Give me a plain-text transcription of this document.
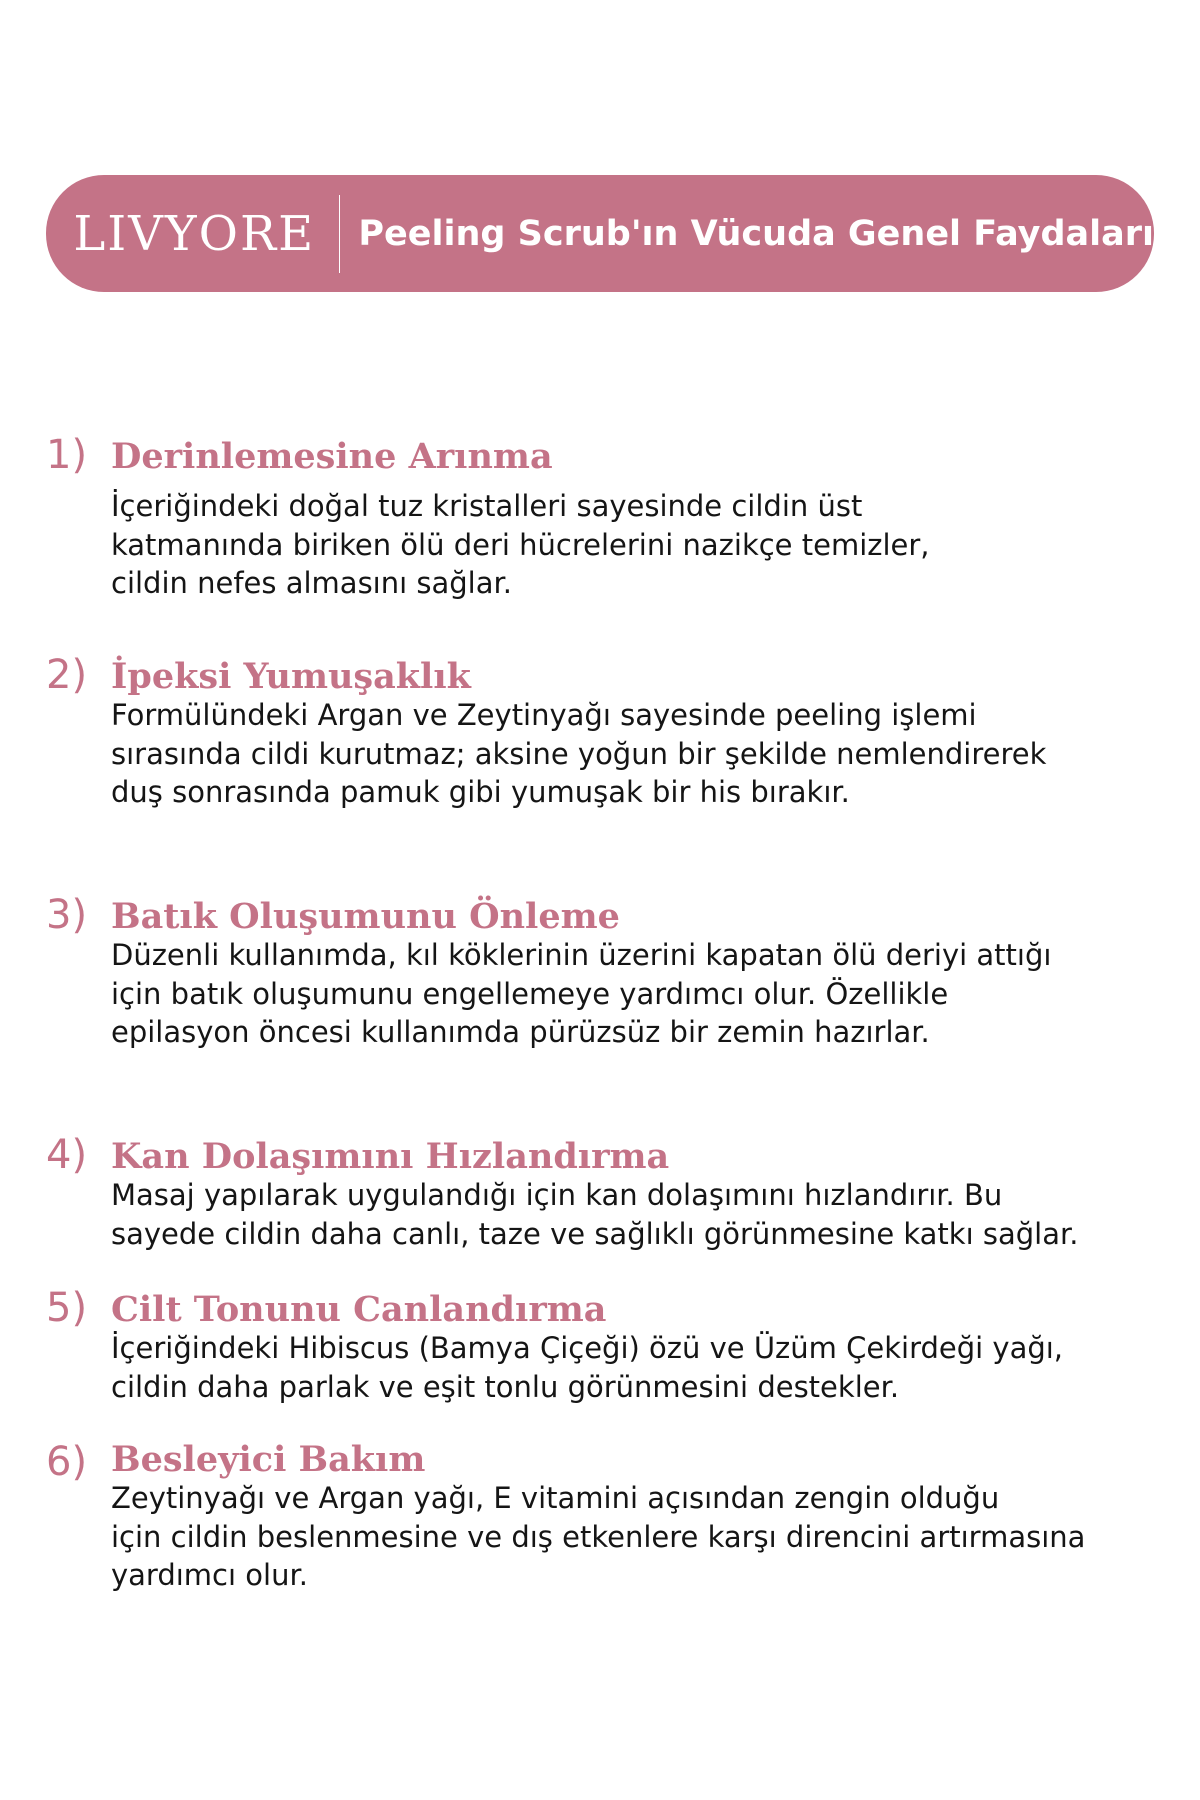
LIVYORE	Peeling Scrub'ın Vücuda Genel Faydaları
1) Derinlemesine Arınma
İçeriğindeki doğal tuz kristalleri sayesinde cildin üst
katmanında biriken ölü deri hücrelerini nazikçe temizler,
cildin nefes almasını sağlar.
2) İpeksi Yumuşaklık
Formülündeki Argan ve Zeytinyağı sayesinde peeling işlemi
sırasında cildi kurutmaz; aksine yoğun bir şekilde nemlendirerek
duş sonrasında pamuk gibi yumuşak bir his bırakır.
3) Batık Oluşumunu Önleme
Düzenli kullanımda, kıl köklerinin üzerini kapatan ölü deriyi attığı
için batık oluşumunu engellemeye yardımcı olur. Özellikle
epilasyon öncesi kullanımda pürüzsüz bir zemin hazırlar.
4) Kan Dolaşımını Hızlandırma
Masaj yapılarak uygulandığı için kan dolaşımını hızlandırır. Bu
sayede cildin daha canlı, taze ve sağlıklı görünmesine katkı sağlar.
5) Cilt Tonunu Canlandırma
İçeriğindeki Hibiscus (Bamya Çiçeği) özü ve Üzüm Çekirdeği yağı,
cildin daha parlak ve eşit tonlu görünmesini destekler.
6) Besleyici Bakım
Zeytinyağı ve Argan yağı, E vitamini açısından zengin olduğu
için cildin beslenmesine ve dış etkenlere karşı direncini artırmasına
yardımcı olur.
